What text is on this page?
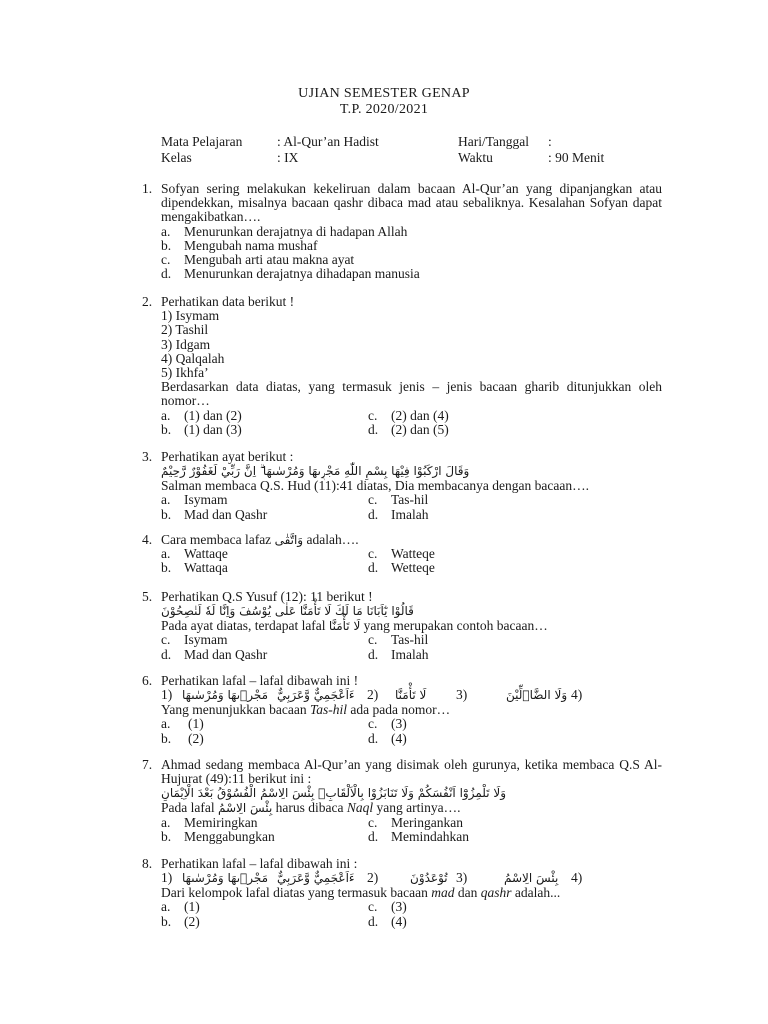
UJIAN SEMESTER GENAP
T.P. 2020/2021
Mata Pelajaran	: Al-Qur’an Hadist	Hari/Tanggal :
Kelas	: IX	Waktu	: 90 Menit
1. Sofyan sering melakukan kekeliruan dalam bacaan Al-Qur’an yang dipanjangkan atau dipendekkan, misalnya bacaan qashr dibaca mad atau sebaliknya. Kesalahan Sofyan dapat mengakibatkan….
a. Menurunkan derajatnya di hadapan Allah
b. Mengubah nama mushaf
c. Mengubah arti atau makna ayat
d. Menurunkan derajatnya dihadapan manusia
2. Perhatikan data berikut !
1) Isymam
2) Tashil
3) Idgam
4) Qalqalah
5) Ikhfa’
Berdasarkan data diatas, yang termasuk jenis – jenis bacaan gharib ditunjukkan oleh nomor…
a. (1) dan (2)	c. (2) dan (4)
b. (1) dan (3)	d. (2) dan (5)
3. Perhatikan ayat berikut :
وَقَالَ ارْكَبُوْا فِيْهَا بِسْمِ اللّٰهِ مَجْرٖىهَا وَمُرْسٰىهَا ۗ اِنَّ رَبِّيْ لَغَفُوْرٌ رَّحِيْمٌ
Salman membaca Q.S. Hud (11):41 diatas, Dia membacanya dengan bacaan….
a. Isymam	c. Tas-hil
b. Mad dan Qashr	d. Imalah
4. Cara membaca lafaz وَاتَّقٰى adalah….
a. Wattaqe	c. Watteqe
b. Wattaqa	d. Wetteqe
5. Perhatikan Q.S Yusuf (12): 11 berikut !
قَالُوْا يٰٓاَبَانَا مَا لَكَ لَا تَأْمَنَّا عَلٰى يُوْسُفَ وَاِنَّا لَهٗ لَنٰصِحُوْنَ
Pada ayat diatas, terdapat lafal لَا تَأْمَنَّا yang merupakan contoh bacaan…
c. Isymam	c. Tas-hil
d. Mad dan Qashr	d. Imalah
6. Perhatikan lafal – lafal dibawah ini !
1) مَجْرٖىهَا وَمُرْسٰىهَا ءَاَعْجَمِيٌّ وَّعَرَبِيٌّ 2) لَا تَأْمَنَّا 3)	وَلَا الضَّاۤلِّيْنَ 4)
Yang menunjukkan bacaan Tas-hil ada pada nomor…
a. (1)	c. (3)
b. (2)	d. (4)
7. Ahmad sedang membaca Al-Qur’an yang disimak oleh gurunya, ketika membaca Q.S Al-Hujurat (49):11 berikut ini :
وَلَا تَلْمِزُوْٓا اَنْفُسَكُمْ وَلَا تَنَابَزُوْا بِالْاَلْقَابِۗ بِئْسَ الِاسْمُ الْفُسُوْقُ بَعْدَ الْاِيْمَانِ
Pada lafal بِئْسَ الِاسْمُ harus dibaca Naql yang artinya….
a. Memiringkan	c. Meringankan
b. Menggabungkan	d. Memindahkan
8. Perhatikan lafal – lafal dibawah ini :
1) مَجْرٖىهَا وَمُرْسٰىهَا ءَاَعْجَمِيٌّ وَّعَرَبِيٌّ 2)	تُوْعَدُوْنَ 3)	بِئْسَ الِاسْمُ 4)
Dari kelompok lafal diatas yang termasuk bacaan mad dan qashr adalah...
a. (1)	c. (3)
b. (2)	d. (4)
